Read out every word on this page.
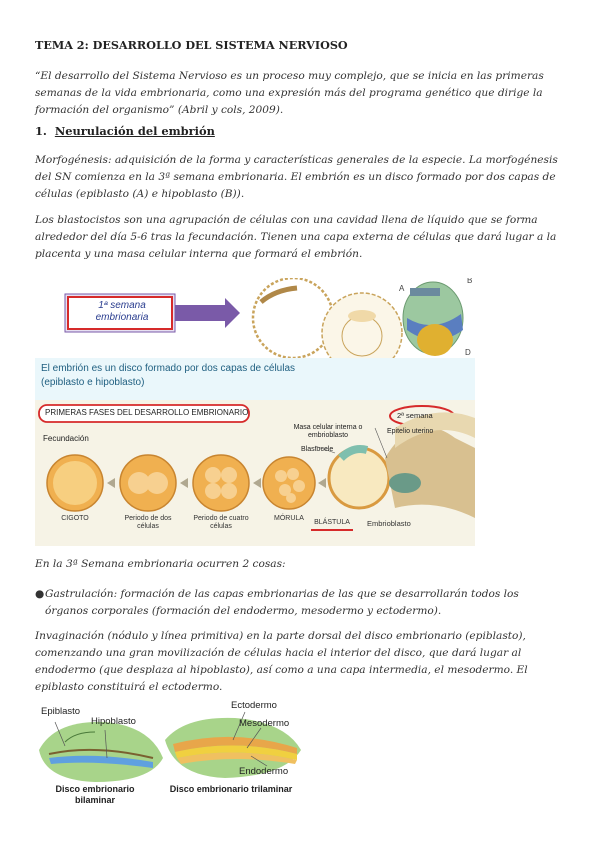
TEMA 2: DESARROLLO DEL SISTEMA NERVIOSO
“El desarrollo del Sistema Nervioso es un proceso muy complejo, que se inicia en las primeras semanas de la vida embrionaria, como una expresión más del programa genético que dirige la formación del organismo” (Abril y cols, 2009).
1. Neurulación del embrión
Morfogénesis: adquisición de la forma y características generales de la especie. La morfogénesis del SN comienza en la 3ª semana embrionaria. El embrión es un disco formado por dos capas de células (epiblasto (A) e hipoblasto (B)).
Los blastocistos son una agrupación de células con una cavidad llena de líquido que se forma alrededor del día 5-6 tras la fecundación. Tienen una capa externa de células que dará lugar a la placenta y una masa celular interna que formará el embrión.
1ª semana embrionaria
A
B
D
El embrión es un disco formado por dos capas de células (epiblasto e hipoblasto)
PRIMERAS FASES DEL DESARROLLO EMBRIONARIO	2ª semana
Fecundación
Masa celular interna o embrioblasto
Epitelio uterino
Blastocele
CIGOTO	Periodo de dos células
Periodo de cuatro células
MÓRULA
BLÁSTULA	Embrioblasto
En la 3ª Semana embrionaria ocurren 2 cosas:
● Gastrulación: formación de las capas embrionarias de las que se desarrollarán todos los órganos corporales (formación del endodermo, mesodermo y ectodermo).
Invaginación (nódulo y línea primitiva) en la parte dorsal del disco embrionario (epiblasto), comenzando una gran movilización de células hacia el interior del disco, que dará lugar al endodermo (que desplaza al hipoblasto), así como a una capa intermedia, el mesodermo. El epiblasto constituirá el ectodermo.
Epiblasto
Hipoblasto
Ectodermo
Mesodermo
Endodermo
Disco embrionario bilaminar
Disco embrionario trilaminar
